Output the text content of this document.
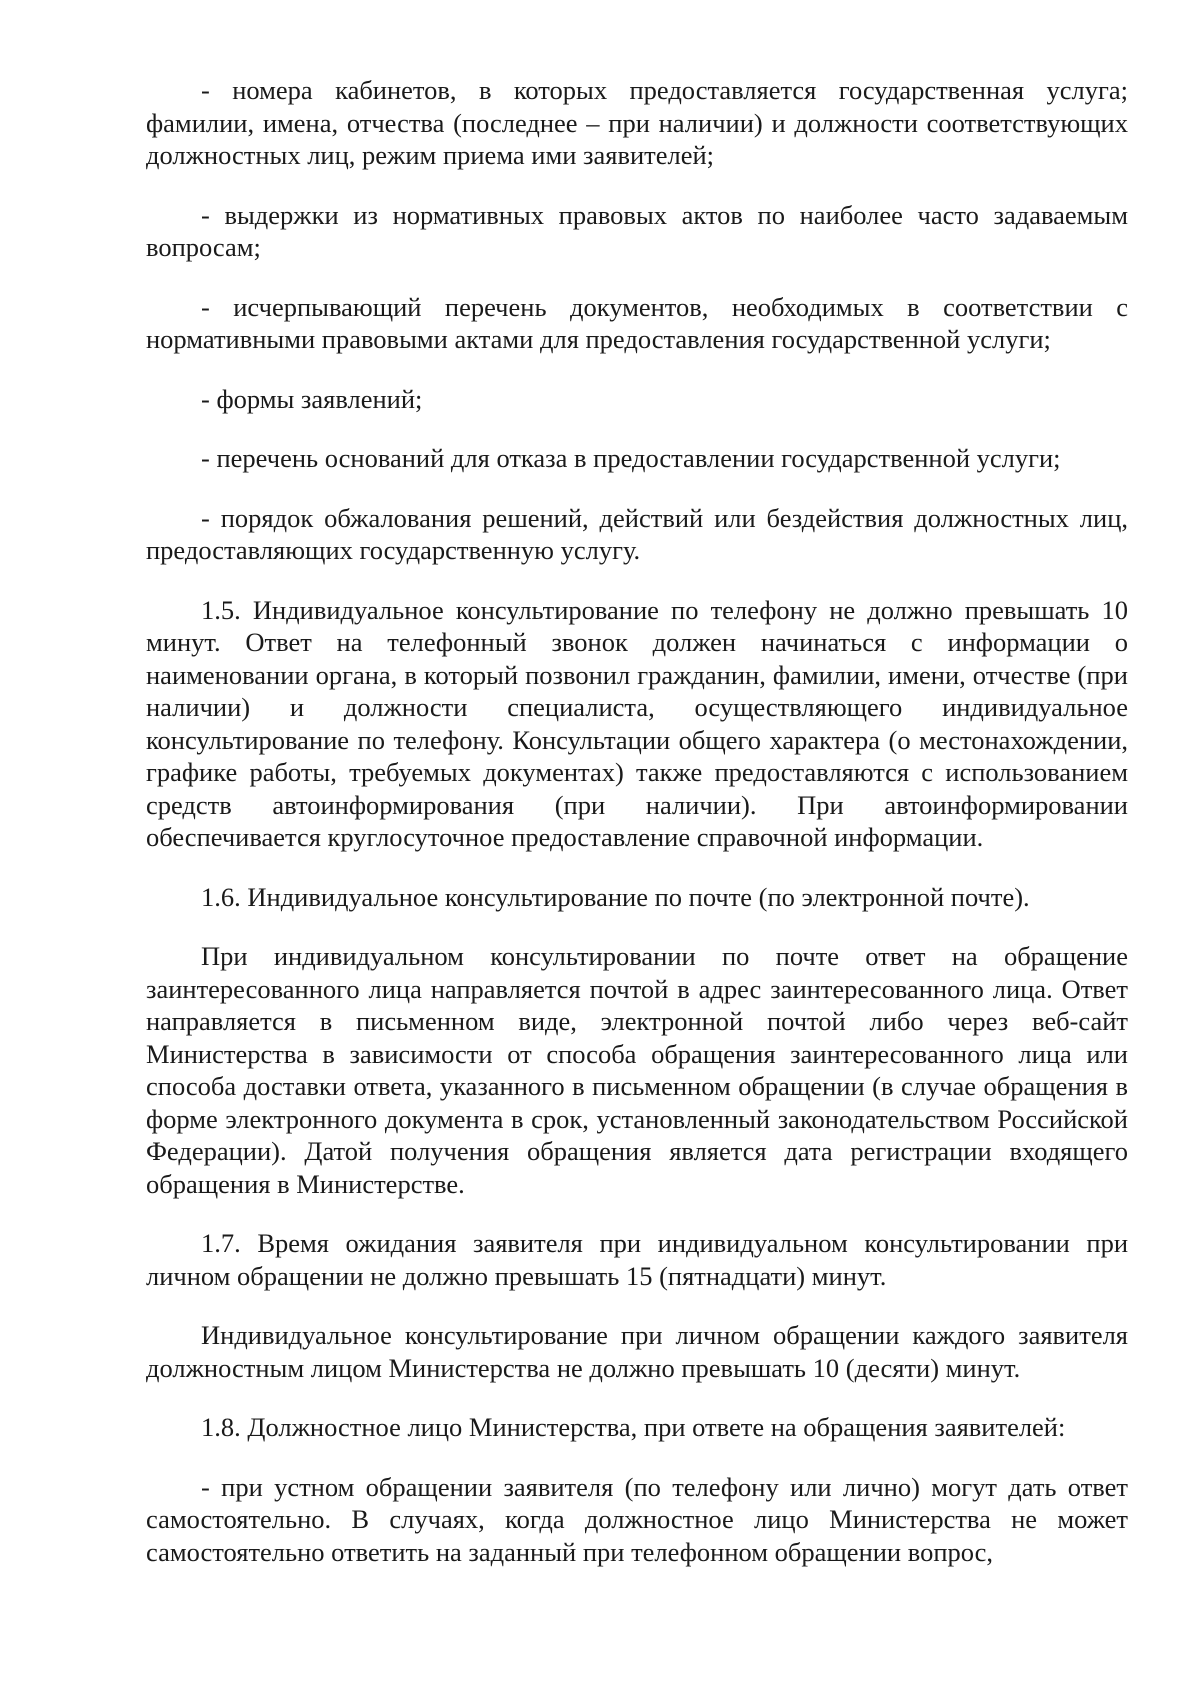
- номера кабинетов, в которых предоставляется государственная услуга; фамилии, имена, отчества (последнее – при наличии) и должности соответствующих должностных лиц, режим приема ими заявителей;

- выдержки из нормативных правовых актов по наиболее часто задаваемым вопросам;

- исчерпывающий перечень документов, необходимых в соответствии с нормативными правовыми актами для предоставления государственной услуги;

- формы заявлений;

- перечень оснований для отказа в предоставлении государственной услуги;

- порядок обжалования решений, действий или бездействия должностных лиц, предоставляющих государственную услугу.

1.5. Индивидуальное консультирование по телефону не должно превышать 10 минут. Ответ на телефонный звонок должен начинаться с информации о наименовании органа, в который позвонил гражданин, фамилии, имени, отчестве (при наличии) и должности специалиста, осуществляющего индивидуальное консультирование по телефону. Консультации общего характера (о местонахождении, графике работы, требуемых документах) также предоставляются с использованием средств автоинформирования (при наличии). При автоинформировании обеспечивается круглосуточное предоставление справочной информации.

1.6. Индивидуальное консультирование по почте (по электронной почте).

При индивидуальном консультировании по почте ответ на обращение заинтересованного лица направляется почтой в адрес заинтересованного лица. Ответ направляется в письменном виде, электронной почтой либо через веб-сайт Министерства в зависимости от способа обращения заинтересованного лица или способа доставки ответа, указанного в письменном обращении (в случае обращения в форме электронного документа в срок, установленный законодательством Российской Федерации). Датой получения обращения является дата регистрации входящего обращения в Министерстве.

1.7. Время ожидания заявителя при индивидуальном консультировании при личном обращении не должно превышать 15 (пятнадцати) минут.

Индивидуальное консультирование при личном обращении каждого заявителя должностным лицом Министерства не должно превышать 10 (десяти) минут.

1.8. Должностное лицо Министерства, при ответе на обращения заявителей:

- при устном обращении заявителя (по телефону или лично) могут дать ответ самостоятельно. В случаях, когда должностное лицо Министерства не может самостоятельно ответить на заданный при телефонном обращении вопрос,
